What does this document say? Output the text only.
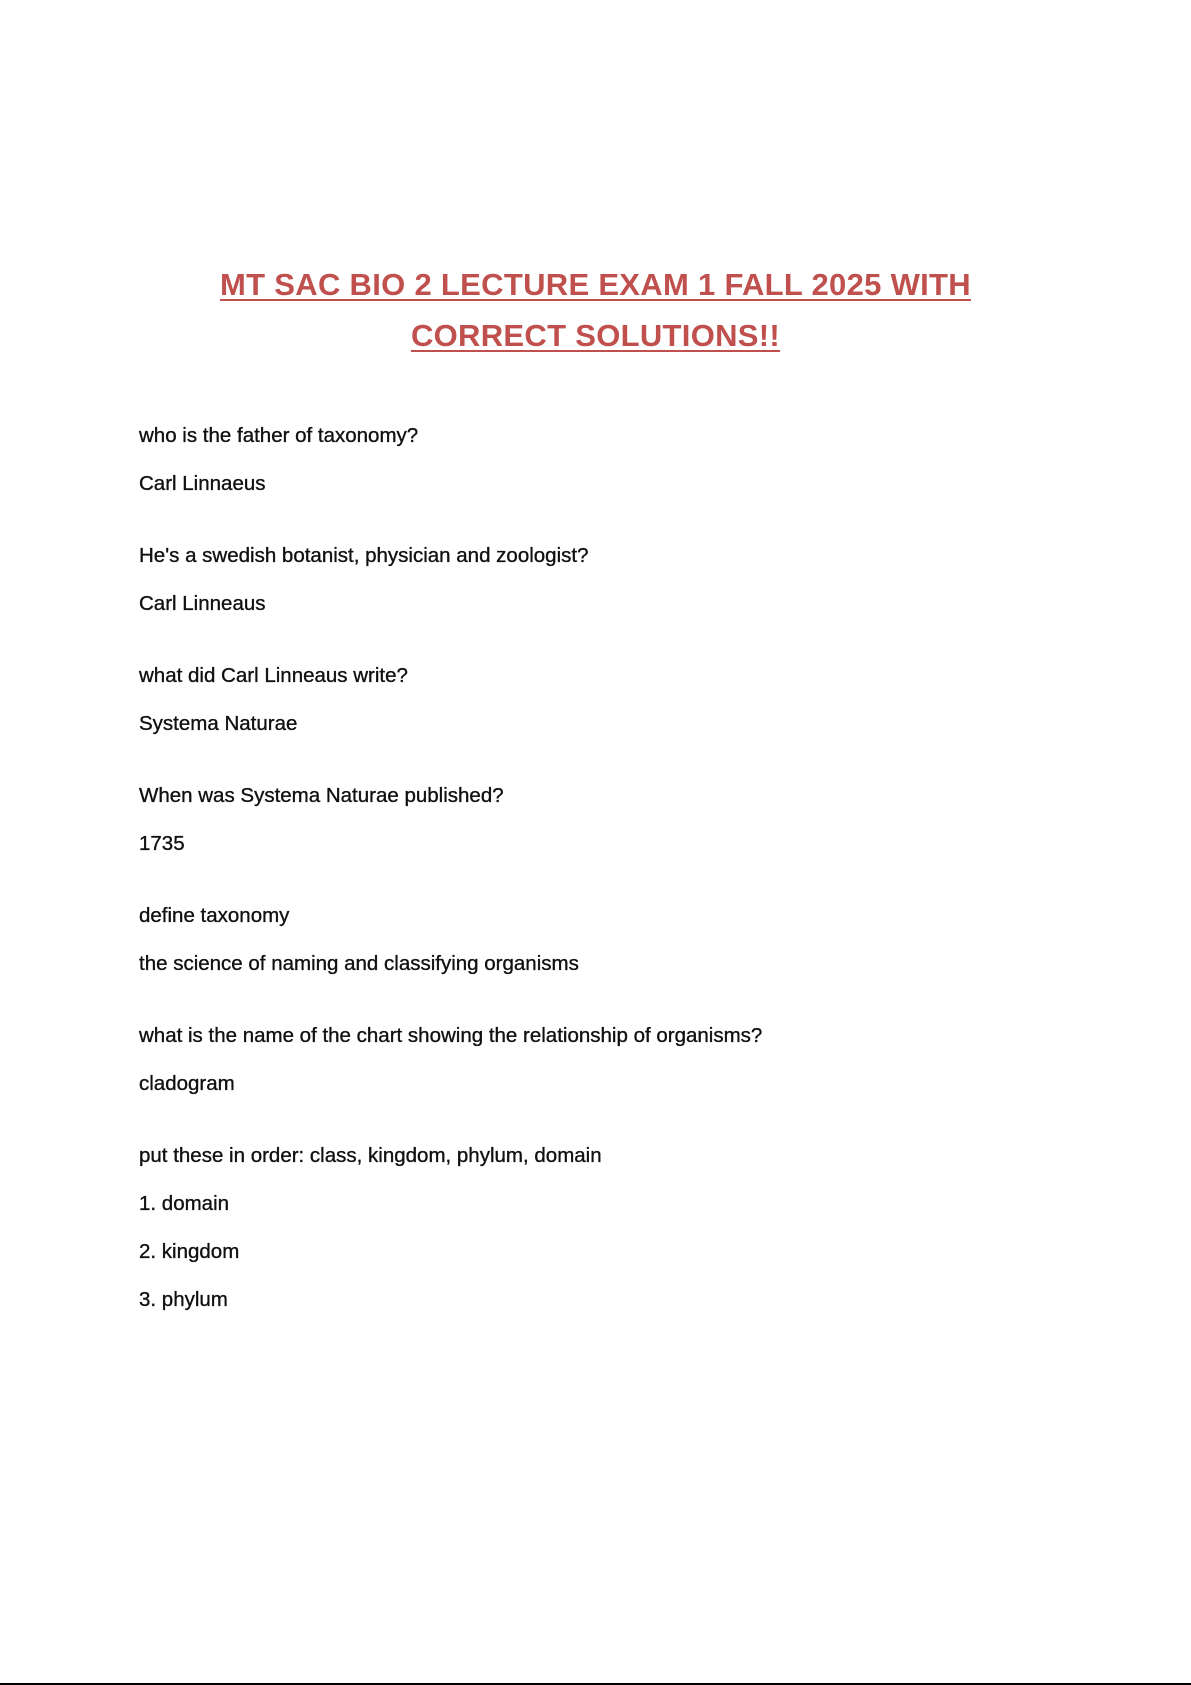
MT SAC BIO 2 LECTURE EXAM 1 FALL 2025 WITH
CORRECT SOLUTIONS!!

who is the father of taxonomy?

Carl Linnaeus

He's a swedish botanist, physician and zoologist?

Carl Linneaus

what did Carl Linneaus write?

Systema Naturae

When was Systema Naturae published?

1735

define taxonomy

the science of naming and classifying organisms

what is the name of the chart showing the relationship of organisms?

cladogram

put these in order: class, kingdom, phylum, domain

1. domain
2. kingdom
3. phylum
